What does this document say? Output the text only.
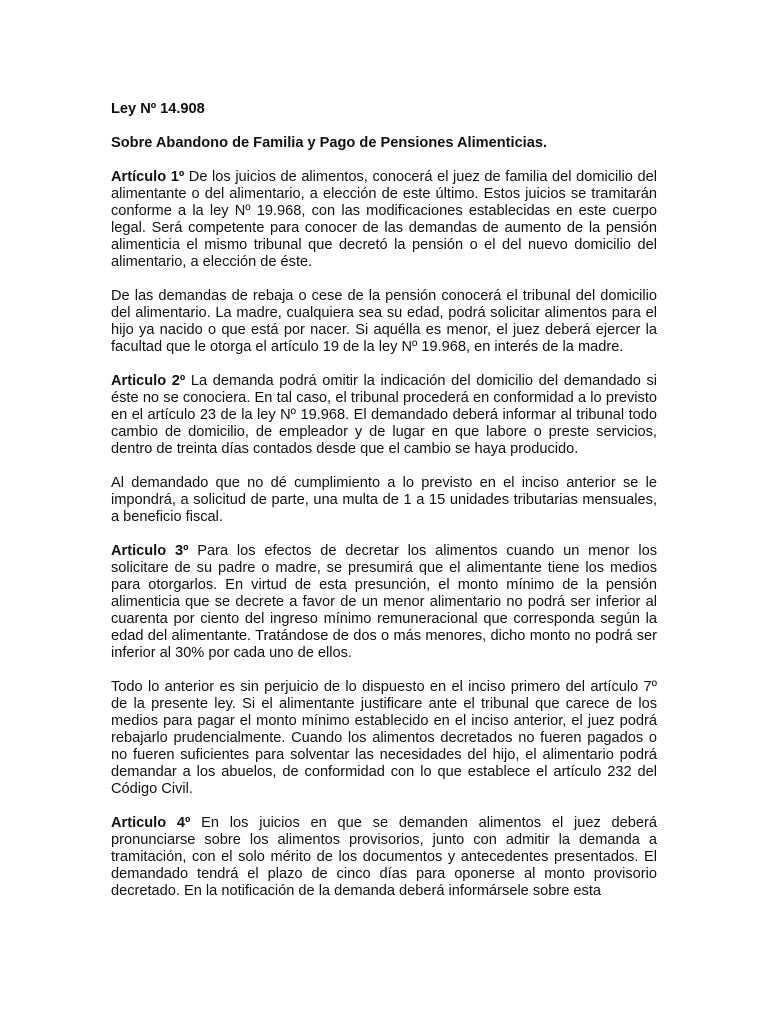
Ley Nº 14.908
Sobre Abandono de Familia y Pago de Pensiones Alimenticias.

Artículo 1º De los juicios de alimentos, conocerá el juez de familia del domicilio del alimentante o del alimentario, a elección de este último. Estos juicios se tramitarán conforme a la ley Nº 19.968, con las modificaciones establecidas en este cuerpo legal. Será competente para conocer de las demandas de aumento de la pensión alimenticia el mismo tribunal que decretó la pensión o el del nuevo domicilio del alimentario, a elección de éste.

De las demandas de rebaja o cese de la pensión conocerá el tribunal del domicilio del alimentario. La madre, cualquiera sea su edad, podrá solicitar alimentos para el hijo ya nacido o que está por nacer. Si aquélla es menor, el juez deberá ejercer la facultad que le otorga el artículo 19 de la ley Nº 19.968, en interés de la madre.

Articulo 2º La demanda podrá omitir la indicación del domicilio del demandado si éste no se conociera. En tal caso, el tribunal procederá en conformidad a lo previsto en el artículo 23 de la ley Nº 19.968. El demandado deberá informar al tribunal todo cambio de domicilio, de empleador y de lugar en que labore o preste servicios, dentro de treinta días contados desde que el cambio se haya producido.

Al demandado que no dé cumplimiento a lo previsto en el inciso anterior se le impondrá, a solicitud de parte, una multa de 1 a 15 unidades tributarias mensuales, a beneficio fiscal.

Articulo 3º Para los efectos de decretar los alimentos cuando un menor los solicitare de su padre o madre, se presumirá que el alimentante tiene los medios para otorgarlos. En virtud de esta presunción, el monto mínimo de la pensión alimenticia que se decrete a favor de un menor alimentario no podrá ser inferior al cuarenta por ciento del ingreso mínimo remuneracional que corresponda según la edad del alimentante. Tratándose de dos o más menores, dicho monto no podrá ser inferior al 30% por cada uno de ellos.

Todo lo anterior es sin perjuicio de lo dispuesto en el inciso primero del artículo 7º de la presente ley. Si el alimentante justificare ante el tribunal que carece de los medios para pagar el monto mínimo establecido en el inciso anterior, el juez podrá rebajarlo prudencialmente. Cuando los alimentos decretados no fueren pagados o no fueren suficientes para solventar las necesidades del hijo, el alimentario podrá demandar a los abuelos, de conformidad con lo que establece el artículo 232 del Código Civil.

Articulo 4º En los juicios en que se demanden alimentos el juez deberá pronunciarse sobre los alimentos provisorios, junto con admitir la demanda a tramitación, con el solo mérito de los documentos y antecedentes presentados. El demandado tendrá el plazo de cinco días para oponerse al monto provisorio decretado. En la notificación de la demanda deberá informársele sobre esta
